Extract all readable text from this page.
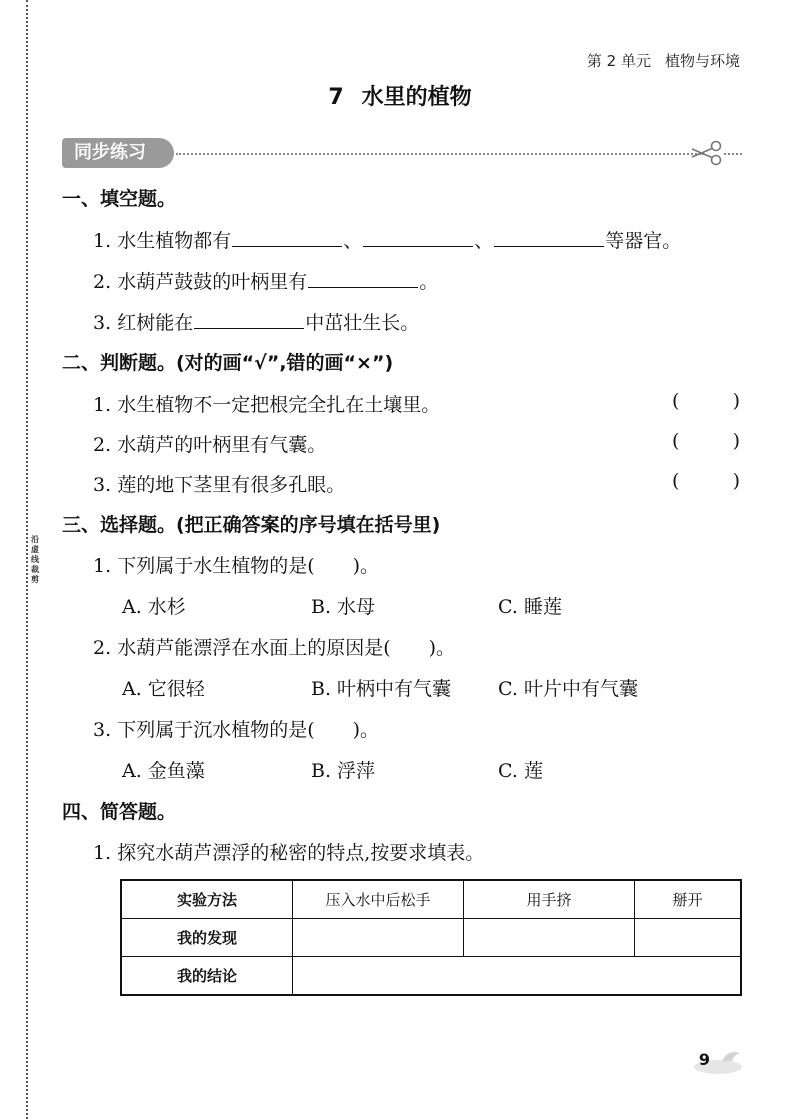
沿虚线裁剪
第 2 单元 植物与环境
7 水里的植物
同步练习
一、填空题。
1. 水生植物都有	、	、	等器官。
2. 水葫芦鼓鼓的叶柄里有	。
3. 红树能在	中茁壮生长。
二、判断题。(对的画“√”,错的画“×”)
1. 水生植物不一定把根完全扎在土壤里。	(	)
2. 水葫芦的叶柄里有气囊。	(	)
3. 莲的地下茎里有很多孔眼。	(	)
三、选择题。(把正确答案的序号填在括号里)
1. 下列属于水生植物的是(　　)。
A. 水杉	B. 水母	C. 睡莲
2. 水葫芦能漂浮在水面上的原因是(　　)。
A. 它很轻	B. 叶柄中有气囊 C. 叶片中有气囊
3. 下列属于沉水植物的是(　　)。
A. 金鱼藻	B. 浮萍	C. 莲
四、简答题。
1. 探究水葫芦漂浮的秘密的特点,按要求填表。
实验方法	压入水中后松手	用手挤	掰开
我的发现			
我的结论			
9
